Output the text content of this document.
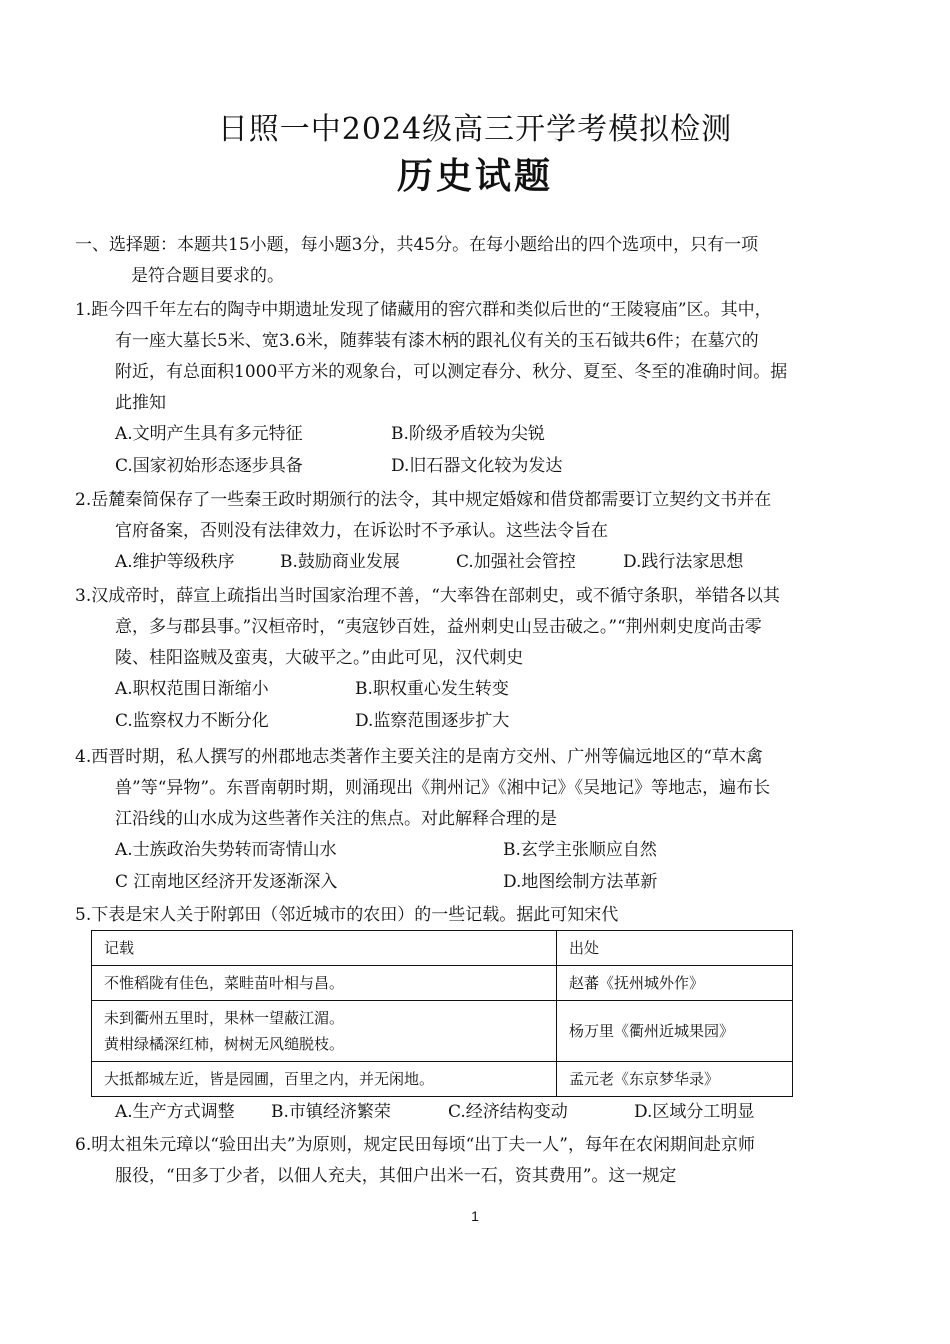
日照一中2024级高三开学考模拟检测
历史试题
一、选择题：本题共15小题，每小题3分，共45分。在每小题给出的四个选项中，只有一项
是符合题目要求的。
1.距今四千年左右的陶寺中期遗址发现了储藏用的窖穴群和类似后世的“王陵寝庙”区。其中，
有一座大墓长5米、宽3.6米，随葬装有漆木柄的跟礼仪有关的玉石钺共6件；在墓穴的
附近，有总面积1000平方米的观象台，可以测定春分、秋分、夏至、冬至的准确时间。据
此推知
A.文明产生具有多元特征	B.阶级矛盾较为尖锐
C.国家初始形态逐步具备	D.旧石器文化较为发达
2.岳麓秦简保存了一些秦王政时期颁行的法令，其中规定婚嫁和借贷都需要订立契约文书并在
官府备案，否则没有法律效力，在诉讼时不予承认。这些法令旨在
A.维护等级秩序	B.鼓励商业发展	C.加强社会管控	D.践行法家思想
3.汉成帝时，薛宣上疏指出当时国家治理不善，“大率咎在部刺史，或不循守条职，举错各以其
意，多与郡县事。”汉桓帝时，“夷寇钞百姓，益州刺史山昱击破之。”“荆州刺史度尚击零
陵、桂阳盗贼及蛮夷，大破平之。”由此可见，汉代刺史
A.职权范围日渐缩小	B.职权重心发生转变
C.监察权力不断分化	D.监察范围逐步扩大
4.西晋时期，私人撰写的州郡地志类著作主要关注的是南方交州、广州等偏远地区的“草木禽
兽”等“异物”。东晋南朝时期，则涌现出《荆州记》《湘中记》《吴地记》等地志，遍布长
江沿线的山水成为这些著作关注的焦点。对此解释合理的是
A.士族政治失势转而寄情山水	B.玄学主张顺应自然
C 江南地区经济开发逐渐深入	D.地图绘制方法革新
5.下表是宋人关于附郭田（邻近城市的农田）的一些记载。据此可知宋代
记载	出处

不惟稻陇有佳色，菜畦苗叶相与昌。	赵蕃《抚州城外作》

未到衢州五里时，果林一望蔽江湄。
黄柑绿橘深红柿，树树无风缒脱枝。	杨万里《衢州近城果园》

大抵都城左近，皆是园圃，百里之内，并无闲地。	孟元老《东京梦华录》
A.生产方式调整 B.市镇经济繁荣	C.经济结构变动	D.区域分工明显
6.明太祖朱元璋以“验田出夫”为原则，规定民田每顷“出丁夫一人”，每年在农闲期间赴京师
服役，“田多丁少者，以佃人充夫，其佃户出米一石，资其费用”。这一规定
1
